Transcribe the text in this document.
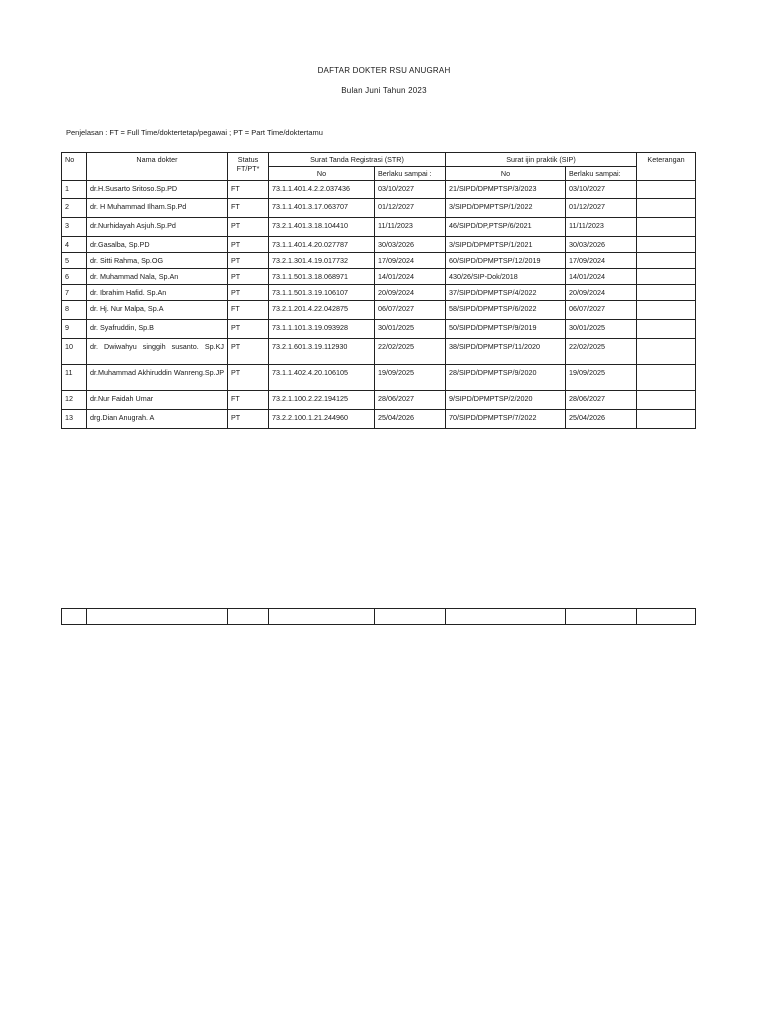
DAFTAR DOKTER RSU ANUGRAH
Bulan Juni Tahun 2023
Penjelasan : FT = Full Time/doktertetap/pegawai ; PT = Part Time/doktertamu
No	Nama dokter	Status FT/PT*	Surat Tanda Registrasi (STR)		Surat ijin praktik (SIP)		Keterangan
			No	Berlaku sampai :	No	Berlaku sampai:	
1	dr.H.Susarto Sritoso.Sp.PD	FT	73.1.1.401.4.2.2.037436	03/10/2027	21/SIPD/DPMPTSP/3/2023	03/10/2027	
2	dr. H Muhammad Ilham.Sp.Pd	FT	73.1.1.401.3.17.063707	01/12/2027	3/SIPD/DPMPTSP/1/2022	01/12/2027	
3	dr.Nurhidayah Asjuh.Sp.Pd	PT	73.2.1.401.3.18.104410	11/11/2023	46/SIPD/DP,PTSP/6/2021	11/11/2023	
4	dr.Gasalba, Sp.PD	PT	73.1.1.401.4.20.027787	30/03/2026	3/SIPD/DPMPTSP/1/2021	30/03/2026	
5	dr. Sitti Rahma, Sp.OG	PT	73.2.1.301.4.19.017732	17/09/2024	60/SIPD/DPMPTSP/12/2019	17/09/2024	
6	dr. Muhammad Nala, Sp.An	PT	73.1.1.501.3.18.068971	14/01/2024	430/26/SIP-Dok/2018	14/01/2024	
7	dr. Ibrahim Hafid. Sp.An	PT	73.1.1.501.3.19.106107	20/09/2024	37/SIPD/DPMPTSP/4/2022	20/09/2024	
8	dr. Hj. Nur Malpa, Sp.A	FT	73.2.1.201.4.22.042875	06/07/2027	58/SIPD/DPMPTSP/6/2022	06/07/2027	
9	dr. Syafruddin, Sp.B	PT	73.1.1.101.3.19.093928	30/01/2025	50/SIPD/DPMPTSP/9/2019	30/01/2025	
10	dr. Dwiwahyu singgih susanto. Sp.KJ	PT	73.2.1.601.3.19.112930	22/02/2025	38/SIPD/DPMPTSP/11/2020	22/02/2025	
11	dr.Muhammad Akhiruddin Wanreng.Sp.JP	PT	73.1.1.402.4.20.106105	19/09/2025	28/SIPD/DPMPTSP/9/2020	19/09/2025	
12	dr.Nur Faidah Umar	FT	73.2.1.100.2.22.194125	28/06/2027	9/SIPD/DPMPTSP/2/2020	28/06/2027	
13	drg.Dian Anugrah. A	PT	73.2.2.100.1.21.244960	25/04/2026	70/SIPD/DPMPTSP/7/2022	25/04/2026	
